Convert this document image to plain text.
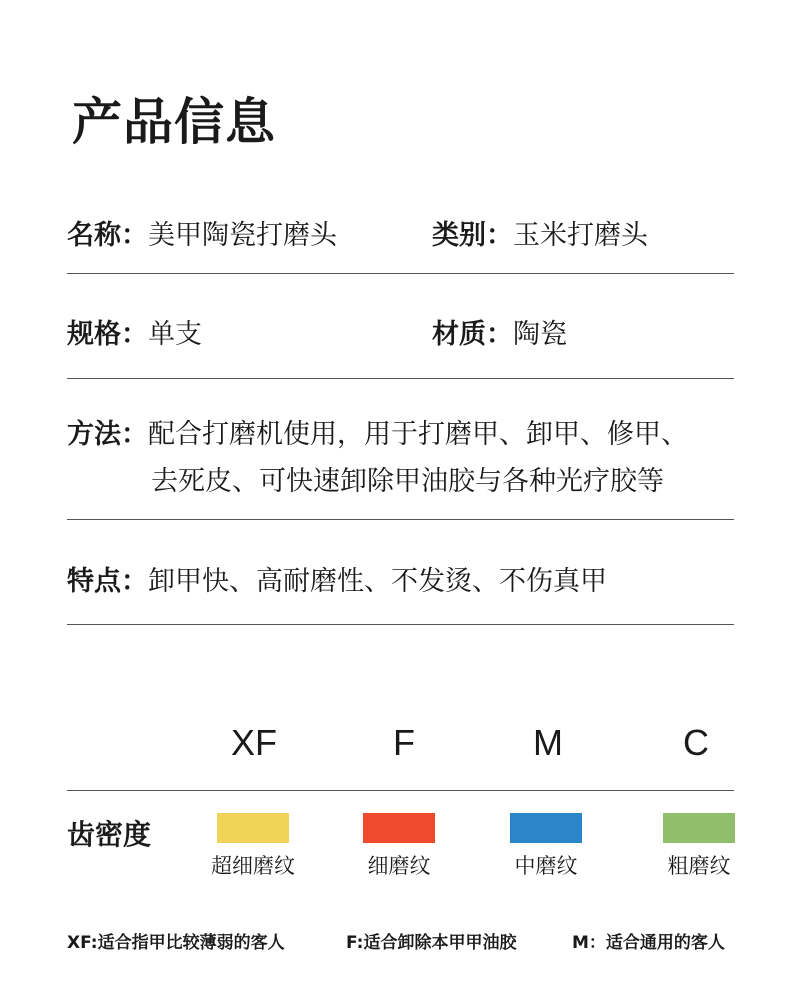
产品信息
名称：美甲陶瓷打磨头	类别：玉米打磨头
规格：单支	材质：陶瓷
方法：配合打磨机使用，用于打磨甲、卸甲、修甲、
去死皮、可快速卸除甲油胶与各种光疗胶等
特点：卸甲快、高耐磨性、不发烫、不伤真甲
XF	F	M	C
齿密度
超细磨纹	细磨纹	中磨纹	粗磨纹
XF:适合指甲比较薄弱的客人	F:适合卸除本甲甲油胶	M：适合通用的客人
